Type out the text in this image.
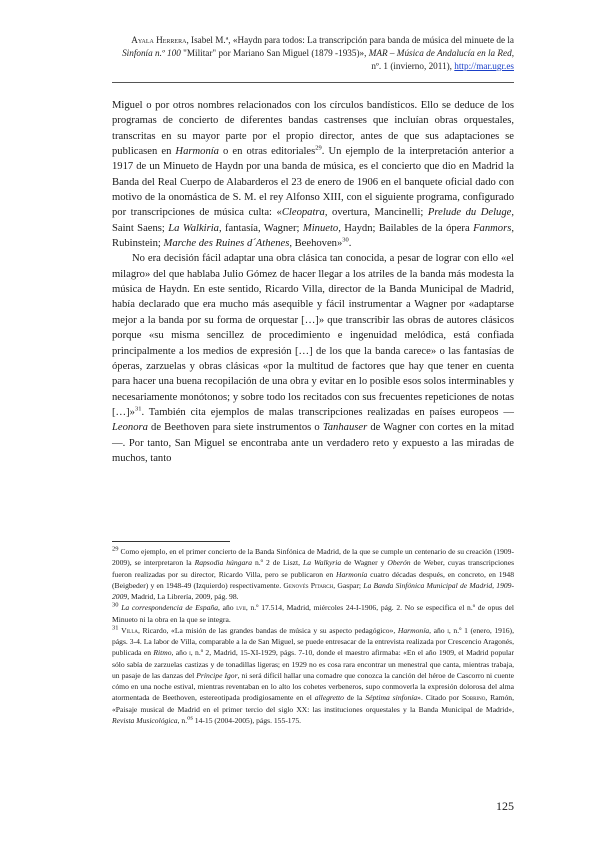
Ayala Herrera, Isabel M.ª, «Haydn para todos: La transcripción para banda de música del minuete de la Sinfonía n.º 100 "Militar" por Mariano San Miguel (1879 -1935)», MAR – Música de Andalucía en la Red, nº. 1 (invierno, 2011), http://mar.ugr.es

Miguel o por otros nombres relacionados con los círculos bandísticos. Ello se deduce de los programas de concierto de diferentes bandas castrenses que incluían obras orquestales, transcritas en su mayor parte por el propio director, antes de que sus adaptaciones se publicasen en Harmonía o en otras editoriales$^{29}$. Un ejemplo de la interpretación anterior a 1917 de un Minueto de Haydn por una banda de música, es el concierto que dio en Madrid la Banda del Real Cuerpo de Alabarderos el 23 de enero de 1906 en el banquete oficial dado con motivo de la onomástica de S. M. el rey Alfonso XIII, con el siguiente programa, configurado por transcripciones de música culta: «Cleopatra, overtura, Mancinelli; Prelude du Deluge, Saint Saens; La Walkiria, fantasía, Wagner; Minueto, Haydn; Bailables de la ópera Fanmors, Rubinstein; Marche des Ruines d´Athenes, Beehoven»$^{30}$.

No era decisión fácil adaptar una obra clásica tan conocida, a pesar de lograr con ello «el milagro» del que hablaba Julio Gómez de hacer llegar a los atriles de la banda más modesta la música de Haydn. En este sentido, Ricardo Villa, director de la Banda Municipal de Madrid, había declarado que era mucho más asequible y fácil instrumentar a Wagner por «adaptarse mejor a la banda por su forma de orquestar […]» que transcribir las obras de autores clásicos porque «su misma sencillez de procedimiento e ingenuidad melódica, está confiada principalmente a los medios de expresión […] de los que la banda carece» o las fantasías de óperas, zarzuelas y obras clásicas «por la multitud de factores que hay que tener en cuenta para hacer una buena recopilación de una obra y evitar en lo posible esos solos interminables y necesariamente monótonos; y sobre todo los recitados con sus frecuentes repeticiones de notas […]»$^{31}$. También cita ejemplos de malas transcripciones realizadas en países europeos —Leonora de Beethoven para siete instrumentos o Tanhauser de Wagner con cortes en la mitad—. Por tanto, San Miguel se encontraba ante un verdadero reto y expuesto a las miradas de muchos, tanto

$^{29}$ Como ejemplo, en el primer concierto de la Banda Sinfónica de Madrid, de la que se cumple un centenario de su creación (1909-2009), se interpretaron la Rapsodia húngara n.º 2 de Liszt, La Walkyria de Wagner y Oberón de Weber, cuyas transcripciones fueron realizadas por su director, Ricardo Villa, pero se publicaron en Harmonía cuatro décadas después, en concreto, en 1948 (Beigbeder) y en 1948-49 (Izquierdo) respectivamente. Genovés Pitarch, Gaspar; La Banda Sinfónica Municipal de Madrid, 1909-2009, Madrid, La Librería, 2009, pág. 98.

$^{30}$ La correspondencia de España, año lvii, n.º 17.514, Madrid, miércoles 24-I-1906, pág. 2. No se especifica el n.º de opus del Minueto ni la obra en la que se integra.

$^{31}$ Villa, Ricardo, «La misión de las grandes bandas de música y su aspecto pedagógico», Harmonía, año i, n.º 1 (enero, 1916), págs. 3-4. La labor de Villa, comparable a la de San Miguel, se puede entresacar de la entrevista realizada por Crescencio Aragonés, publicada en Ritmo, año i, n.º 2, Madrid, 15-XI-1929, págs. 7-10, donde el maestro afirmaba: «En el año 1909, el Madrid popular sólo sabía de zarzuelas castizas y de tonadillas ligeras; en 1929 no es cosa rara encontrar un menestral que canta, mientras trabaja, un pasaje de las danzas del Príncipe Igor, ni será difícil hallar una comadre que conozca la canción del héroe de Cascorro ni cuente cómo en una noche estival, mientras reventaban en lo alto los cohetes verbeneros, supo conmoverla la expresión dolorosa del alma atormentada de Beethoven, estereotipada prodigiosamente en el allegretto de la Séptima sinfonía». Citado por Sobrino, Ramón, «Paisaje musical de Madrid en el primer tercio del siglo XX: las instituciones orquestales y la Banda Municipal de Madrid», Revista Musicológica, n.$^{os}$ 14-15 (2004-2005), págs. 155-175.

125
